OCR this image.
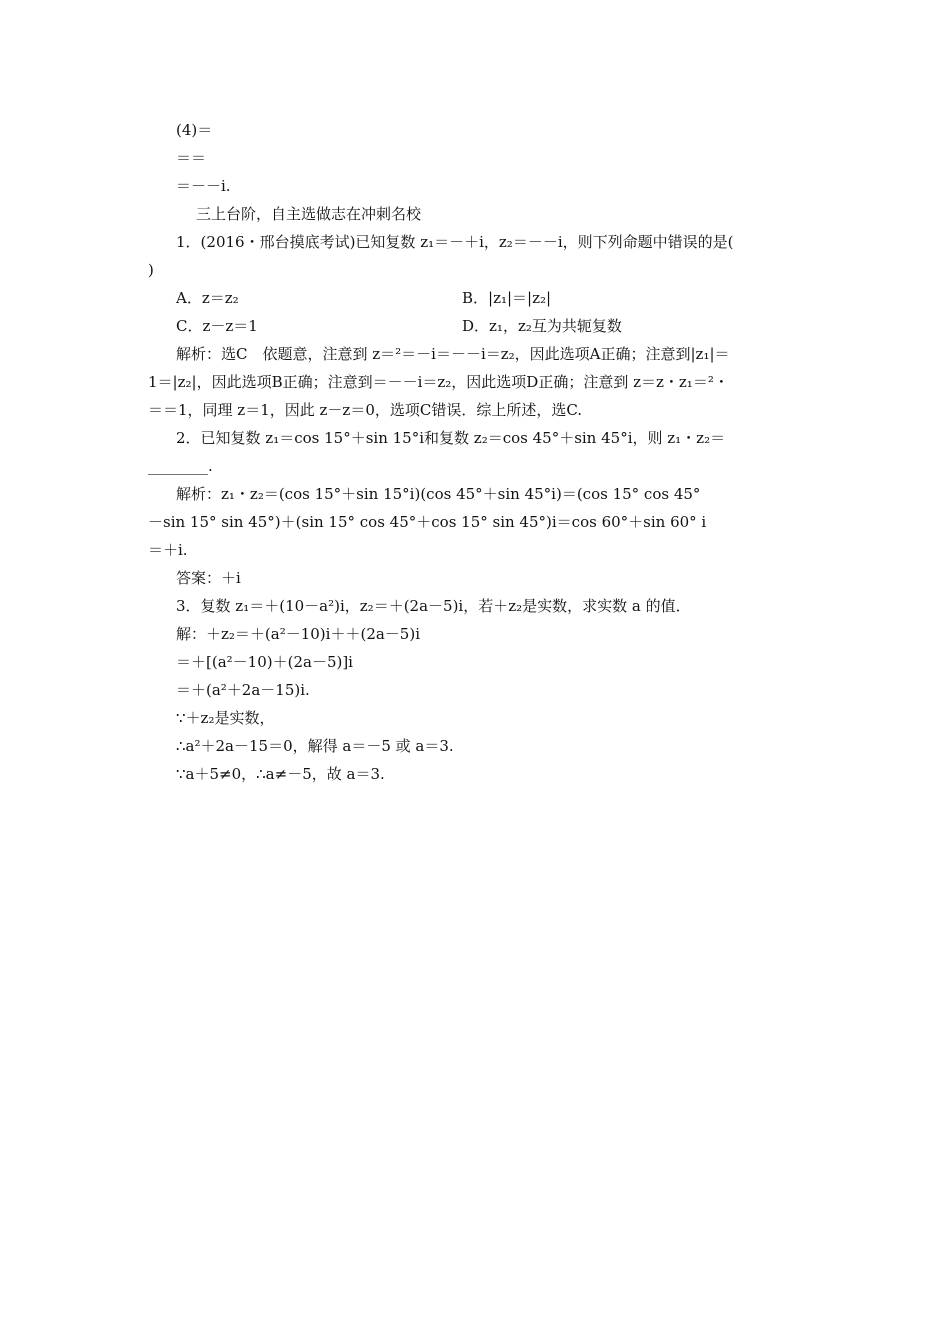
(4)＝
＝＝
＝－－i.
三上台阶，自主选做志在冲刺名校
1．(2016・邢台摸底考试)已知复数 z₁＝－＋i，z₂＝－－i，则下列命题中错误的是(
)
A．z＝z₂	B．|z₁|＝|z₂|
C．z－z＝1	D．z₁，z₂互为共轭复数
解析：选C　依题意，注意到 z＝²＝－i＝－－i＝z₂，因此选项A正确；注意到|z₁|＝
1＝|z₂|，因此选项B正确；注意到＝－－i＝z₂，因此选项D正确；注意到 z＝z・z₁＝²・
＝＝1，同理 z＝1，因此 z－z＝0，选项C错误．综上所述，选C.
2．已知复数 z₁＝cos 15°＋sin 15°i和复数 z₂＝cos 45°＋sin 45°i，则 z₁・z₂＝
________.
解析：z₁・z₂＝(cos 15°＋sin 15°i)(cos 45°＋sin 45°i)＝(cos 15° cos 45°
－sin 15° sin 45°)＋(sin 15° cos 45°＋cos 15° sin 45°)i＝cos 60°＋sin 60° i
＝＋i.
答案：＋i
3．复数 z₁＝＋(10－a²)i，z₂＝＋(2a－5)i，若＋z₂是实数，求实数 a 的值．
解：＋z₂＝＋(a²－10)i＋＋(2a－5)i
＝＋[(a²－10)＋(2a－5)]i
＝＋(a²＋2a－15)i.
∵＋z₂是实数，
∴a²＋2a－15＝0，解得 a＝－5 或 a＝3.
∵a＋5≠0，∴a≠－5，故 a＝3.
